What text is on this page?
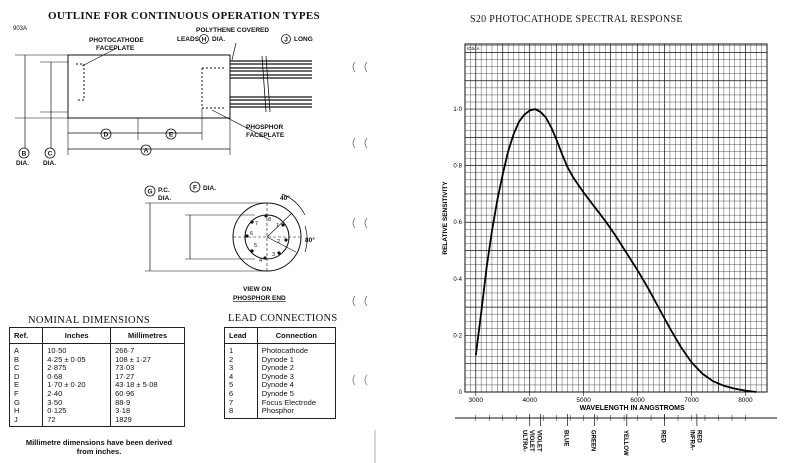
OUTLINE FOR CONTINUOUS OPERATION TYPES
903A
1
2
3
4
5
6
7
8
D	E
A
B	C
G
F
H	J
PHOTOCATHODE
FACEPLATE
POLYTHENE COVERED
LEADS DIA.	LONG
PHOSPHOR
FACEPLATE
DIA. DIA.
P.C.
DIA.
DIA.
40°
80°
VIEW ON
PHOSPHOR END
NOMINAL DIMENSIONS
Ref.	Inches	Millimetres
A	10·50	266·7
B	4·25 ± 0·05	108 ± 1·27
C	2·875	73·03
D	0·68	17·27
E	1·70 ± 0·20	43·18 ± 5·08
F	2·40	60·96
G	3·50	88·9
H	0·125	3·18
J	72	1829
Millimetre dimensions have been derived
from inches.
LEAD CONNECTIONS
Lead	Connection
1	Photocathode
2	Dynode 1
3	Dynode 2
4	Dynode 3
5	Dynode 4
6	Dynode 5
7	Focus Electrode
8	Phosphor
S20 PHOTOCATHODE SPECTRAL RESPONSE
0
0·2
0·4
0·6
0·8
1·0
3000	4000	5000	6000	7000	8000
ULTRA- VIOLET VIOLET	BLUE	GREEN	YELLOW	RED	INFRA- RED
IC64A
RELATIVE SENSITIVITY
WAVELENGTH IN ANGSTROMS
